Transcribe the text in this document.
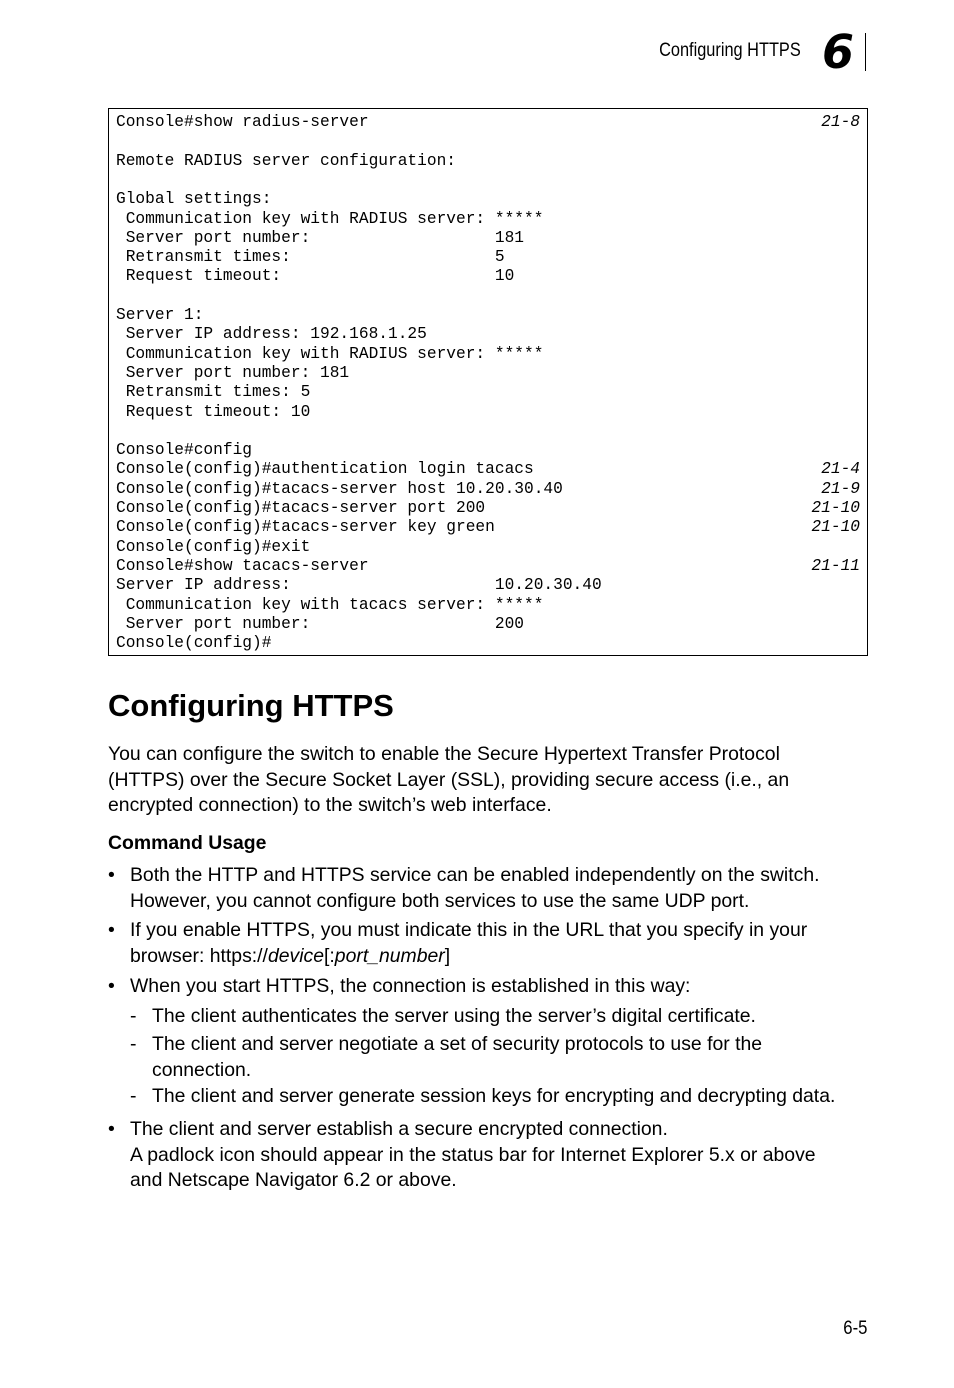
Configuring HTTPS 6
Console#show radius-server
Remote RADIUS server configuration:
Global settings:
Communication key with RADIUS server: *****
Server port number:                   181
Retransmit times:                     5
Request timeout:                      10
Server 1:
Server IP address: 192.168.1.25
Communication key with RADIUS server: *****
Server port number: 181
Retransmit times: 5
Request timeout: 10
Console#config
Console(config)#authentication login tacacs
Console(config)#tacacs-server host 10.20.30.40
Console(config)#tacacs-server port 200
Console(config)#tacacs-server key green
Console(config)#exit
Console#show tacacs-server
Server IP address:                     10.20.30.40
Communication key with tacacs server: *****
Server port number:                   200
Console(config)#
21-8
21-4
21-9
21-10
21-10
21-11
Configuring HTTPS

You can configure the switch to enable the Secure Hypertext Transfer Protocol
(HTTPS) over the Secure Socket Layer (SSL), providing secure access (i.e., an
encrypted connection) to the switch’s web interface.

Command Usage
• Both the HTTP and HTTPS service can be enabled independently on the switch.
However, you cannot configure both services to use the same UDP port.
• If you enable HTTPS, you must indicate this in the URL that you specify in your
browser: https://device[:port_number]
• When you start HTTPS, the connection is established in this way:
- The client authenticates the server using the server’s digital certificate.
- The client and server negotiate a set of security protocols to use for the
connection.
- The client and server generate session keys for encrypting and decrypting data.
• The client and server establish a secure encrypted connection.
A padlock icon should appear in the status bar for Internet Explorer 5.x or above
and Netscape Navigator 6.2 or above.
6-5
